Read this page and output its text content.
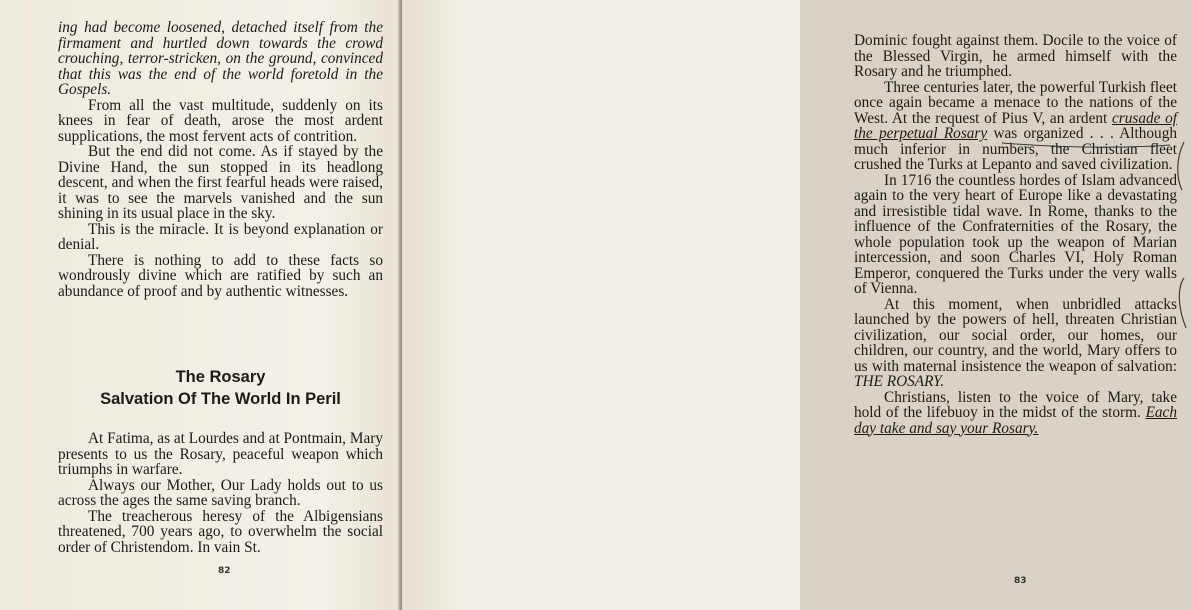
ing had become loosened, detached itself from the firmament and hurtled down towards the crowd crouching, terror-stricken, on the ground, convinced that this was the end of the world foretold in the Gospels.

From all the vast multitude, suddenly on its knees in fear of death, arose the most ardent supplications, the most fervent acts of contrition.

But the end did not come. As if stayed by the Divine Hand, the sun stopped in its headlong descent, and when the first fearful heads were raised, it was to see the marvels vanished and the sun shining in its usual place in the sky.

This is the miracle. It is beyond explanation or denial.

There is nothing to add to these facts so wondrously divine which are ratified by such an abundance of proof and by authentic witnesses.

The Rosary
Salvation Of The World In Peril

At Fatima, as at Lourdes and at Pontmain, Mary presents to us the Rosary, peaceful weapon which triumphs in warfare.

Always our Mother, Our Lady holds out to us across the ages the same saving branch.

The treacherous heresy of the Albigensians threatened, 700 years ago, to overwhelm the social order of Christendom. In vain St.

82

Dominic fought against them. Docile to the voice of the Blessed Virgin, he armed himself with the Rosary and he triumphed.

Three centuries later, the powerful Turkish fleet once again became a menace to the nations of the West. At the request of Pius V, an ardent crusade of the perpetual Rosary was organized . . . Although much inferior in numbers, the Christian fleet crushed the Turks at Lepanto and saved civilization.

In 1716 the countless hordes of Islam advanced again to the very heart of Europe like a devastating and irresistible tidal wave. In Rome, thanks to the influence of the Confraternities of the Rosary, the whole population took up the weapon of Marian intercession, and soon Charles VI, Holy Roman Emperor, conquered the Turks under the very walls of Vienna.

At this moment, when unbridled attacks launched by the powers of hell, threaten Christian civilization, our social order, our homes, our children, our country, and the world, Mary offers to us with maternal insistence the weapon of salvation: THE ROSARY.

Christians, listen to the voice of Mary, take hold of the lifebuoy in the midst of the storm. Each day take and say your Rosary.

83
